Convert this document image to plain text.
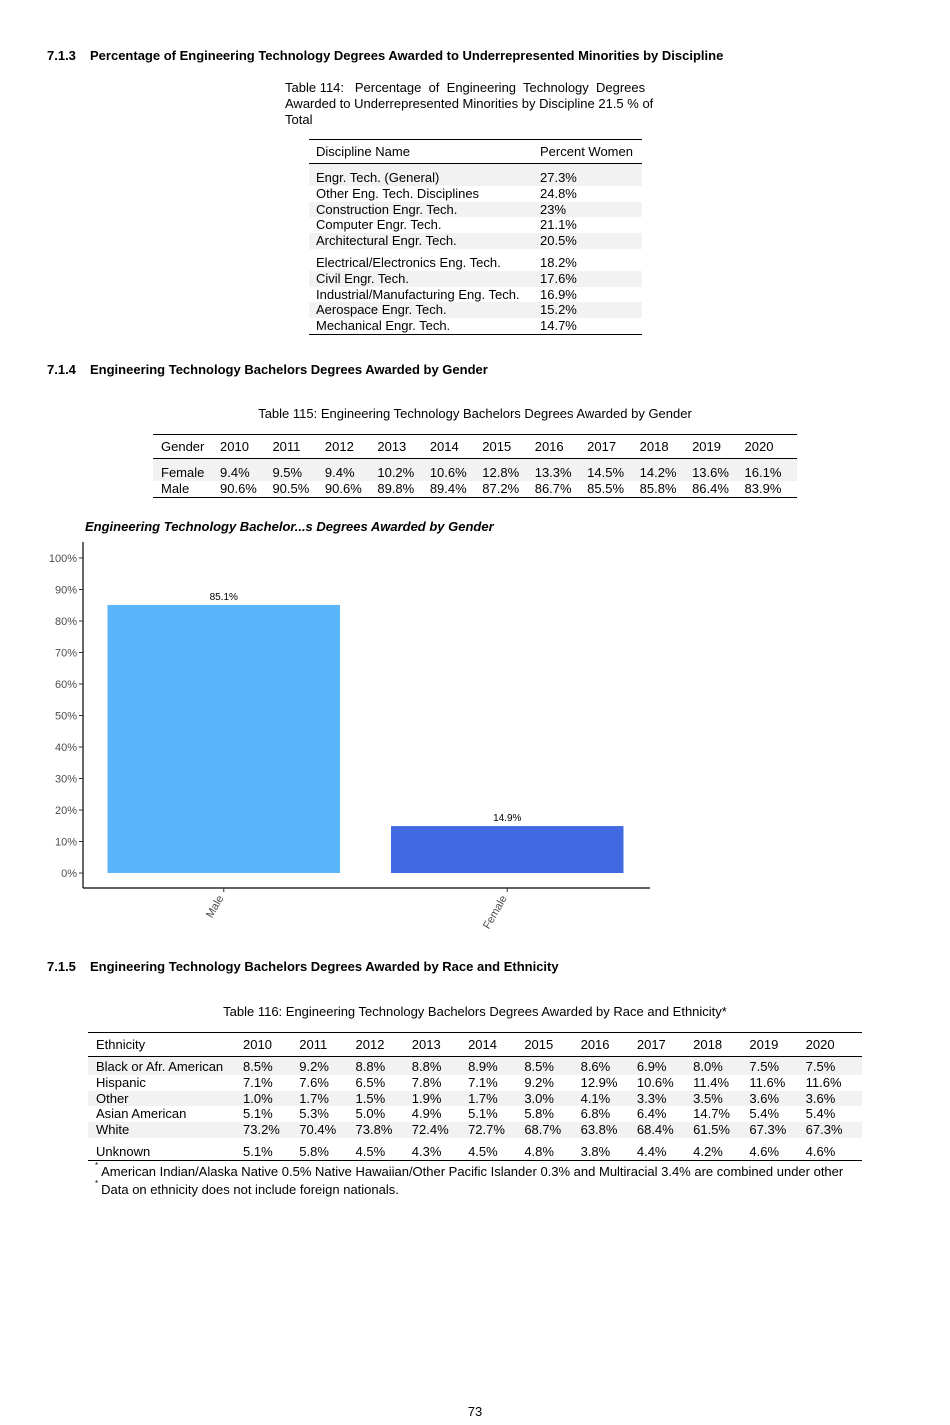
7.1.3 Percentage of Engineering Technology Degrees Awarded to Underrepresented Minorities by Discipline
Table 114:   Percentage  of  Engineering  Technology  Degrees
Awarded to Underrepresented Minorities by Discipline 21.5 % of
Total
Discipline Name	Percent Women
Engr. Tech. (General)	27.3%
Other Eng. Tech. Disciplines	24.8%
Construction Engr. Tech.	23%
Computer Engr. Tech.	21.1%
Architectural Engr. Tech.	20.5%
Electrical/Electronics Eng. Tech.	18.2%
Civil Engr. Tech.	17.6%
Industrial/Manufacturing Eng. Tech.	16.9%
Aerospace Engr. Tech.	15.2%
Mechanical Engr. Tech.	14.7%
7.1.4 Engineering Technology Bachelors Degrees Awarded by Gender
Table 115: Engineering Technology Bachelors Degrees Awarded by Gender
Gender	2010	2011	2012	2013	2014	2015	2016	2017	2018	2019	2020
Female	9.4%	9.5%	9.4%	10.2%	10.6%	12.8%	13.3%	14.5%	14.2%	13.6%	16.1%
Male	90.6%	90.5%	90.6%	89.8%	89.4%	87.2%	86.7%	85.5%	85.8%	86.4%	83.9%
Engineering Technology Bachelor...s Degrees Awarded by Gender
0%
10%
20%
30%
40%
50%
60%
70%
80%
90%
100%
85.1%
Male
14.9%
Female
7.1.5 Engineering Technology Bachelors Degrees Awarded by Race and Ethnicity
Table 116: Engineering Technology Bachelors Degrees Awarded by Race and Ethnicity*
Ethnicity	2010	2011	2012	2013	2014	2015	2016	2017	2018	2019	2020
Black or Afr. American	8.5%	9.2%	8.8%	8.8%	8.9%	8.5%	8.6%	6.9%	8.0%	7.5%	7.5%
Hispanic	7.1%	7.6%	6.5%	7.8%	7.1%	9.2%	12.9%	10.6%	11.4%	11.6%	11.6%
Other	1.0%	1.7%	1.5%	1.9%	1.7%	3.0%	4.1%	3.3%	3.5%	3.6%	3.6%
Asian American	5.1%	5.3%	5.0%	4.9%	5.1%	5.8%	6.8%	6.4%	14.7%	5.4%	5.4%
White	73.2%	70.4%	73.8%	72.4%	72.7%	68.7%	63.8%	68.4%	61.5%	67.3%	67.3%
Unknown	5.1%	5.8%	4.5%	4.3%	4.5%	4.8%	3.8%	4.4%	4.2%	4.6%	4.6%
* American Indian/Alaska Native 0.5% Native Hawaiian/Other Pacific Islander 0.3% and Multiracial 3.4% are combined under other
* Data on ethnicity does not include foreign nationals.
73
